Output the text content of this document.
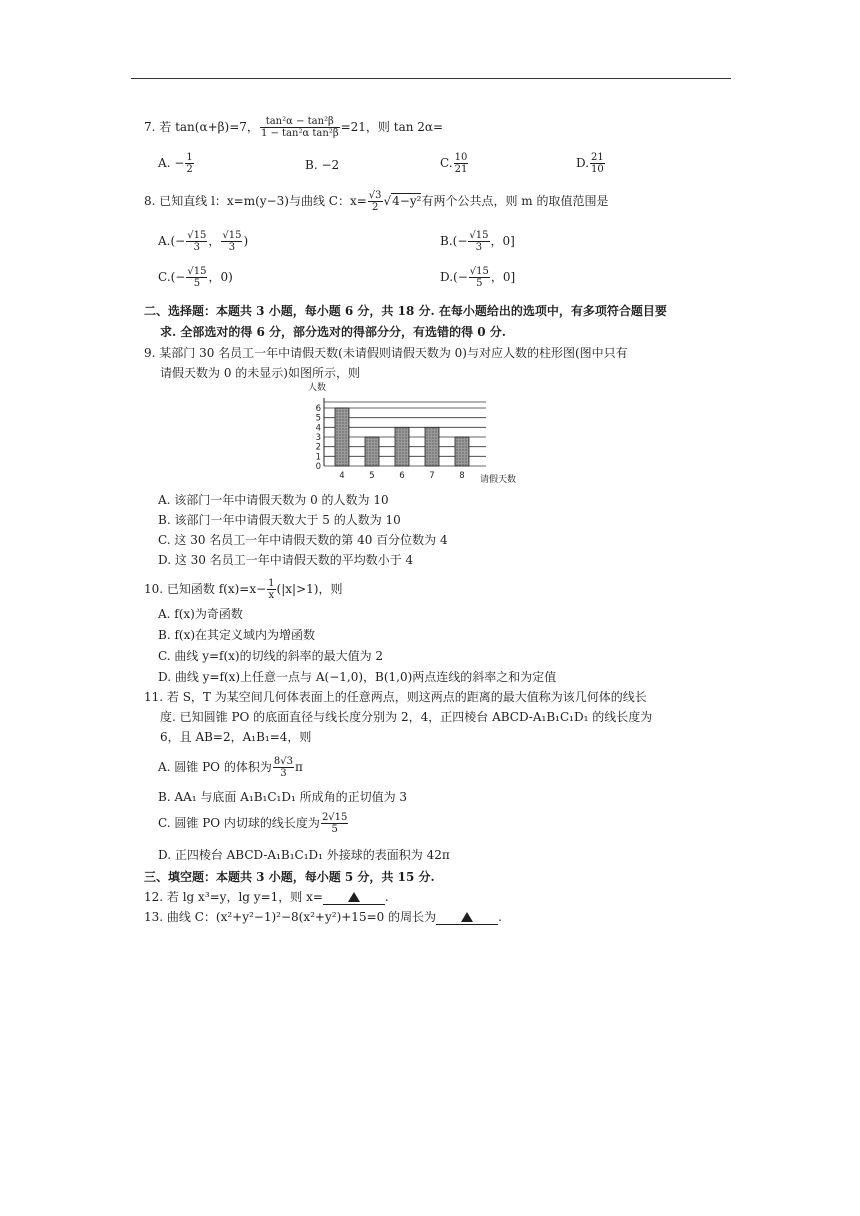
7. 若 tan(α+β)=7， $\frac{\text{tan²α − tan²β}}{\text{1 − tan²α tan²β}} =21$，则 tan 2α=
A. − $\frac{1}{2}$	B. −2	C. $\frac{10}{21}$	D. $\frac{21}{10}$
8. 已知直线 l：x=m(y−3)与曲线 C：$x= \frac{√3}{2} √4-y^2$有两个公共点，则 m 的取值范围是
$A.(- \frac{√15}{3}$ ， $\frac{√15}{3}$ )	$B.(- \frac{√15}{3}$ ，0]
$C.(- \frac{√15}{5}$ ，0)	$D.(- \frac{√15}{5}$ ，0]
二、选择题：本题共 3 小题，每小题 6 分，共 18 分. 在每小题给出的选项中，有多项符合题目要
求. 全部选对的得 6 分，部分选对的得部分分，有选错的得 0 分.
9. 某部门 30 名员工一年中请假天数(未请假则请假天数为 0)与对应人数的柱形图(图中只有
请假天数为 0 的未显示)如图所示，则
0
1
2
3
4
5
6
人数
4	5	6	7	8 请假天数
A. 该部门一年中请假天数为 0 的人数为 10
B. 该部门一年中请假天数大于 5 的人数为 10
C. 这 30 名员工一年中请假天数的第 40 百分位数为 4
D. 这 30 名员工一年中请假天数的平均数小于 4
10. 已知函数 $f(x)=x- \frac{1}{x} (|x|>1)$，则
A. f(x)为奇函数
B. f(x)在其定义域内为增函数
C. 曲线 y=f(x)的切线的斜率的最大值为 2
D. 曲线 y=f(x)上任意一点与 A(−1,0)，B(1,0)两点连线的斜率之和为定值
11. 若 S，T 为某空间几何体表面上的任意两点，则这两点的距离的最大值称为该几何体的线长
度. 已知圆锥 PO 的底面直径与线长度分别为 2，4，正四棱台 ABCD-A₁B₁C₁D₁ 的线长度为
6，且 AB=2，A₁B₁=4，则
A. 圆锥 PO 的体积为 $\frac{8√3}{3}$ π
B. AA₁ 与底面 A₁B₁C₁D₁ 所成角的正切值为 3
C. 圆锥 PO 内切球的线长度为 $\frac{2√15}{5}$
D. 正四棱台 ABCD-A₁B₁C₁D₁ 外接球的表面积为 42π
三、填空题：本题共 3 小题，每小题 5 分，共 15 分.
12. 若 lg x³=y，lg y=1，则 x=	.
13. 曲线 C：(x²+y²−1)²−8(x²+y²)+15=0 的周长为	.
